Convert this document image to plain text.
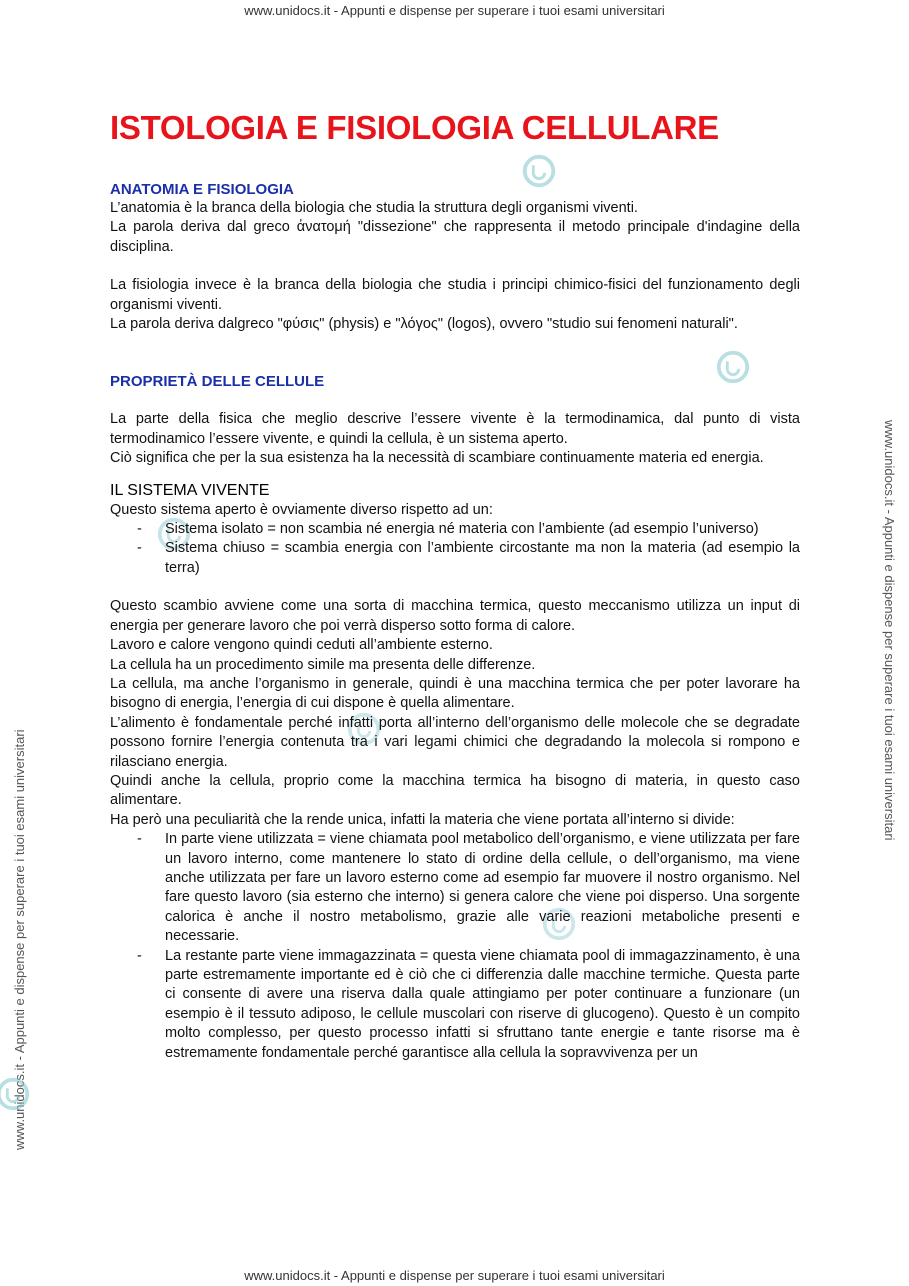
www.unidocs.it - Appunti e dispense per superare i tuoi esami universitari
www.unidocs.it - Appunti e dispense per superare i tuoi esami universitari
www.unidocs.it - Appunti e dispense per superare i tuoi esami universitari
www.unidocs.it - Appunti e dispense per superare i tuoi esami universitari
ISTOLOGIA E FISIOLOGIA CELLULARE
ANATOMIA E FISIOLOGIA

L’anatomia è la branca della biologia che studia la struttura degli organismi viventi.

La parola deriva dal greco ἀνατομή "dissezione" che rappresenta il metodo principale d'indagine della disciplina.

La fisiologia invece è la branca della biologia che studia i principi chimico-fisici del funzionamento degli organismi viventi.

La parola deriva dalgreco "φύσις" (physis) e "λόγος" (logos), ovvero "studio sui fenomeni naturali".

PROPRIETÀ DELLE CELLULE

La parte della fisica che meglio descrive l’essere vivente è la termodinamica, dal punto di vista termodinamico l’essere vivente, e quindi la cellula, è un sistema aperto.

Ciò significa che per la sua esistenza ha la necessità di scambiare continuamente materia ed energia.

IL SISTEMA VIVENTE

Questo sistema aperto è ovviamente diverso rispetto ad un:

- Sistema isolato = non scambia né energia né materia con l’ambiente (ad esempio l’universo)
- Sistema chiuso = scambia energia con l’ambiente circostante ma non la materia (ad esempio la terra)

Questo scambio avviene come una sorta di macchina termica, questo meccanismo utilizza un input di energia per generare lavoro che poi verrà disperso sotto forma di calore.

Lavoro e calore vengono quindi ceduti all’ambiente esterno.

La cellula ha un procedimento simile ma presenta delle differenze.

La cellula, ma anche l’organismo in generale, quindi è una macchina termica che per poter lavorare ha bisogno di energia, l’energia di cui dispone è quella alimentare.

L’alimento è fondamentale perché infatti porta all’interno dell’organismo delle molecole che se degradate possono fornire l’energia contenuta tra i vari legami chimici che degradando la molecola si rompono e rilasciano energia.

Quindi anche la cellula, proprio come la macchina termica ha bisogno di materia, in questo caso alimentare.

Ha però una peculiarità che la rende unica, infatti la materia che viene portata all’interno si divide:

- In parte viene utilizzata = viene chiamata pool metabolico dell’organismo, e viene utilizzata per fare un lavoro interno, come mantenere lo stato di ordine della cellule, o dell’organismo, ma viene anche utilizzata per fare un lavoro esterno come ad esempio far muovere il nostro organismo. Nel fare questo lavoro (sia esterno che interno) si genera calore che viene poi disperso. Una sorgente calorica è anche il nostro metabolismo, grazie alle varie reazioni metaboliche presenti e necessarie.
- La restante parte viene immagazzinata = questa viene chiamata pool di immagazzinamento, è una parte estremamente importante ed è ciò che ci differenzia dalle macchine termiche. Questa parte ci consente di avere una riserva dalla quale attingiamo per poter continuare a funzionare (un esempio è il tessuto adiposo, le cellule muscolari con riserve di glucogeno). Questo è un compito molto complesso, per questo processo infatti si sfruttano tante energie e tante risorse ma è estremamente fondamentale perché garantisce alla cellula la sopravvivenza per un
